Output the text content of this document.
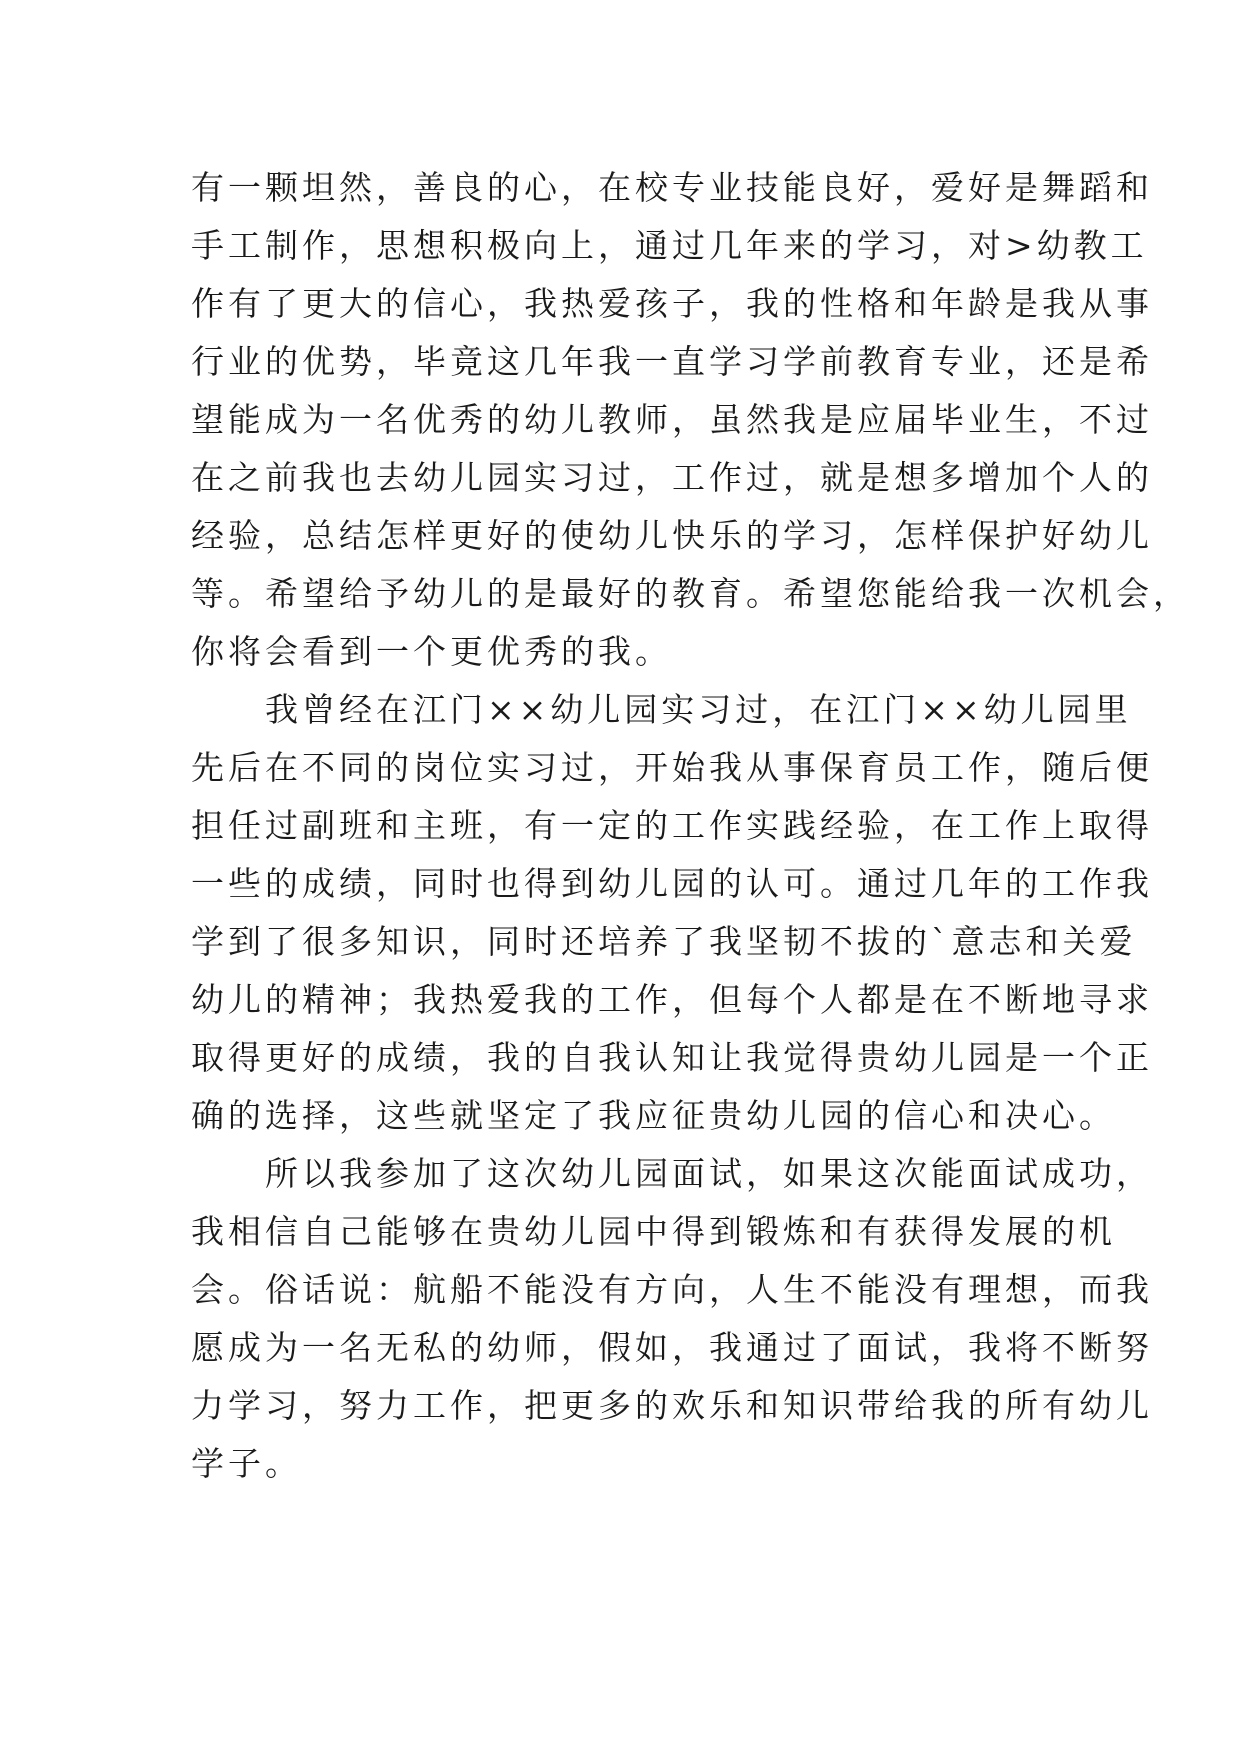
有一颗坦然，善良的心，在校专业技能良好，爱好是舞蹈和
手工制作，思想积极向上，通过几年来的学习，对>幼教工
作有了更大的信心，我热爱孩子，我的性格和年龄是我从事
行业的优势，毕竟这几年我一直学习学前教育专业，还是希
望能成为一名优秀的幼儿教师，虽然我是应届毕业生，不过
在之前我也去幼儿园实习过，工作过，就是想多增加个人的
经验，总结怎样更好的使幼儿快乐的学习，怎样保护好幼儿
等。希望给予幼儿的是最好的教育。希望您能给我一次机会，
你将会看到一个更优秀的我。
　　我曾经在江门××幼儿园实习过，在江门××幼儿园里
先后在不同的岗位实习过，开始我从事保育员工作，随后便
担任过副班和主班，有一定的工作实践经验，在工作上取得
一些的成绩，同时也得到幼儿园的认可。通过几年的工作我
学到了很多知识，同时还培养了我坚韧不拔的`意志和关爱
幼儿的精神；我热爱我的工作，但每个人都是在不断地寻求
取得更好的成绩，我的自我认知让我觉得贵幼儿园是一个正
确的选择，这些就坚定了我应征贵幼儿园的信心和决心。
　　所以我参加了这次幼儿园面试，如果这次能面试成功，
我相信自己能够在贵幼儿园中得到锻炼和有获得发展的机
会。俗话说：航船不能没有方向，人生不能没有理想，而我
愿成为一名无私的幼师，假如，我通过了面试，我将不断努
力学习，努力工作，把更多的欢乐和知识带给我的所有幼儿
学子。
